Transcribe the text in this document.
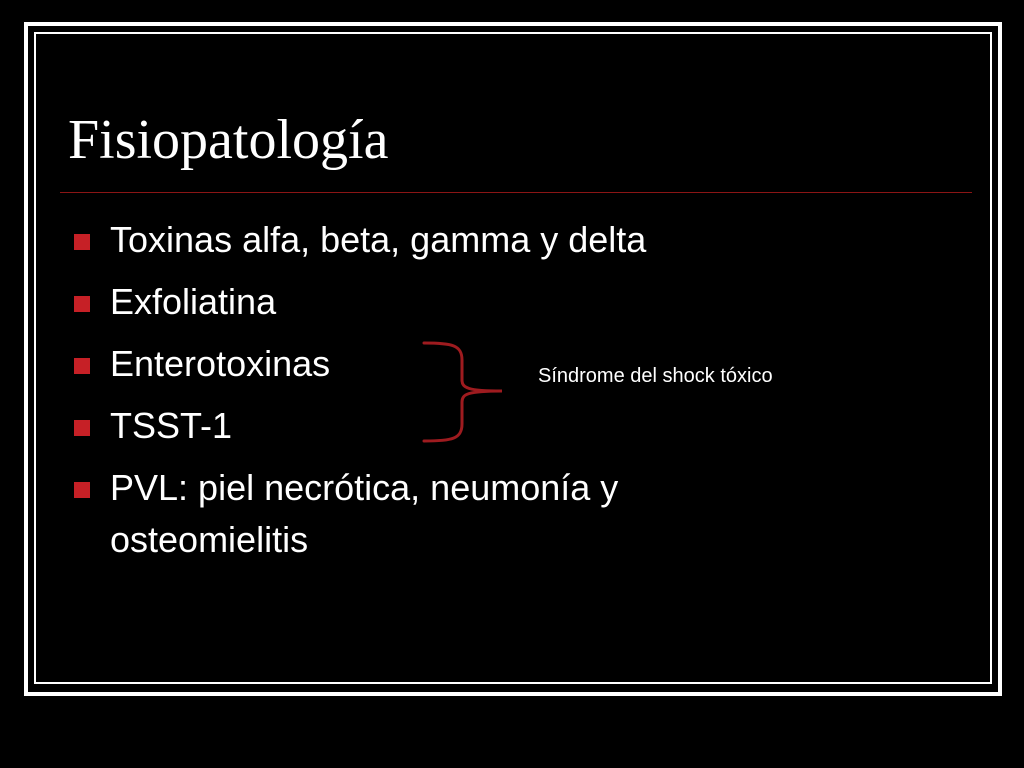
Fisiopatología
Toxinas alfa, beta, gamma y delta
Exfoliatina
Enterotoxinas
TSST-1
PVL: piel necrótica, neumonía y osteomielitis
Síndrome del shock tóxico
